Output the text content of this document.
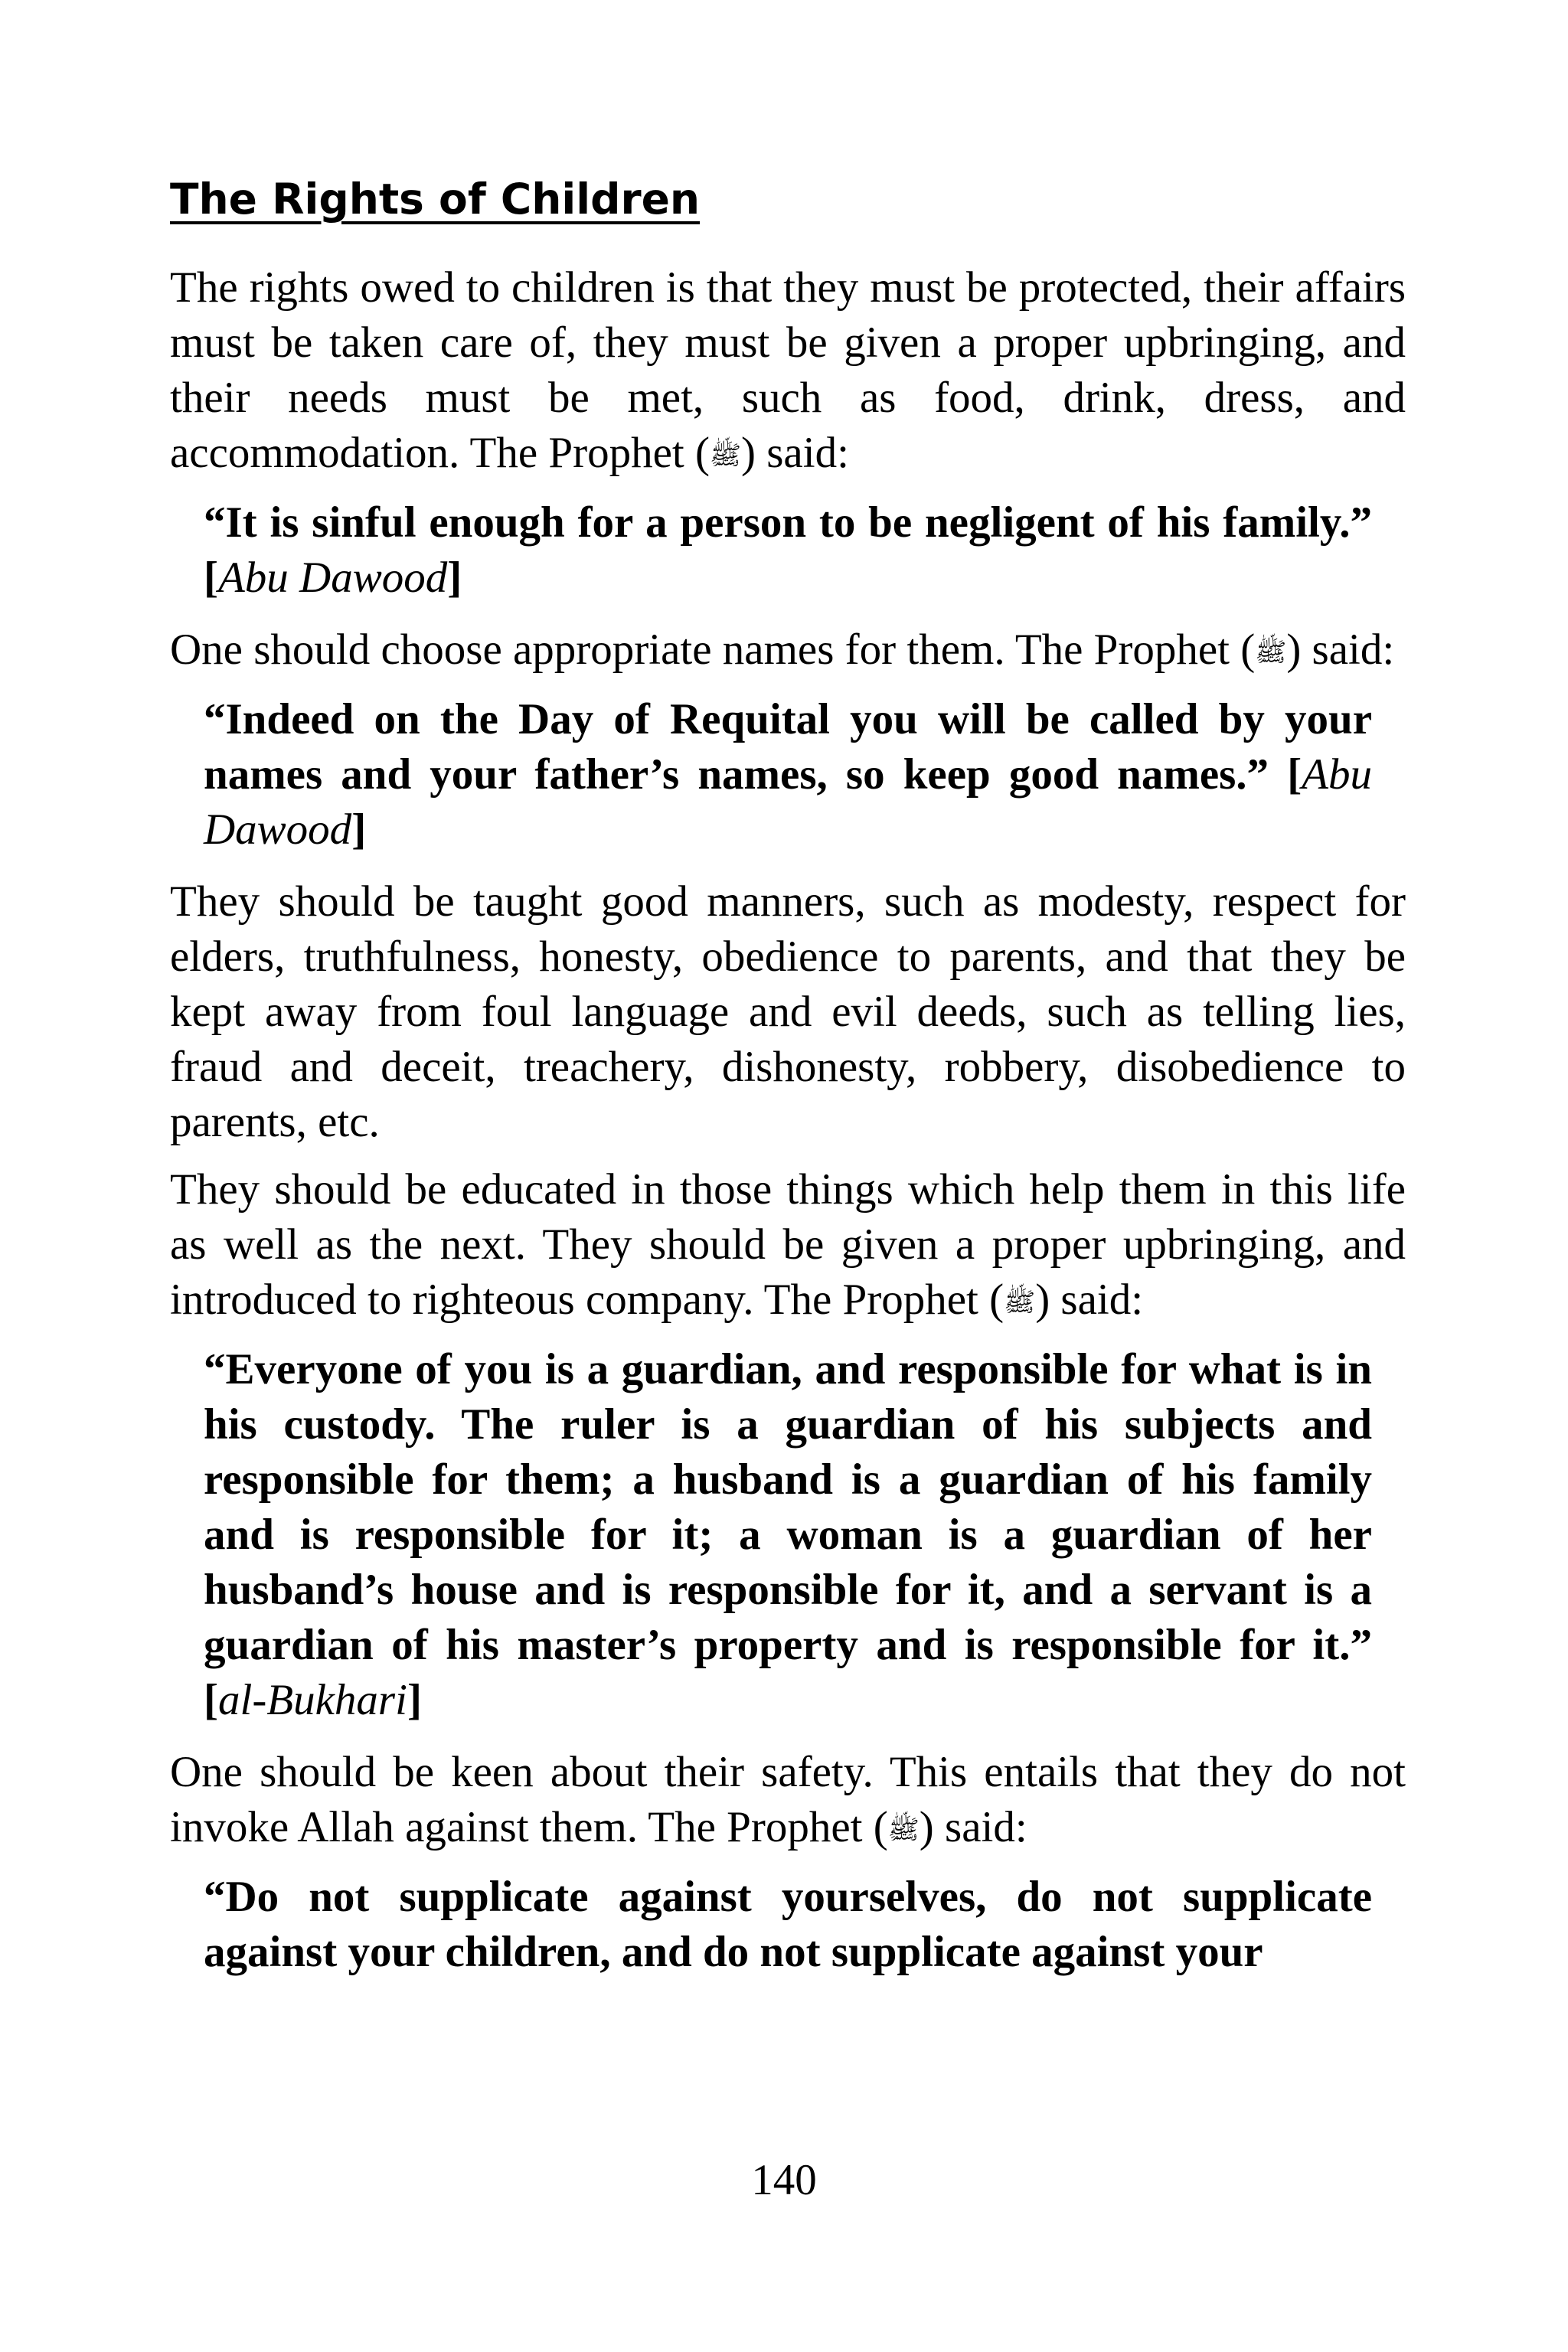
The Rights of Children

The rights owed to children is that they must be protected, their affairs must be taken care of, they must be given a proper upbringing, and their needs must be met, such as food, drink, dress, and accommodation. The Prophet (ﷺ) said:

“It is sinful enough for a person to be negligent of his family.” [Abu Dawood]

One should choose appropriate names for them. The Prophet (ﷺ) said:

“Indeed on the Day of Requital you will be called by your names and your father’s names, so keep good names.” [Abu Dawood]

They should be taught good manners, such as modesty, respect for elders, truthfulness, honesty, obedience to parents, and that they be kept away from foul language and evil deeds, such as telling lies, fraud and deceit, treachery, dishonesty, robbery, disobedience to parents, etc.

They should be educated in those things which help them in this life as well as the next. They should be given a proper upbringing, and introduced to righteous company. The Prophet (ﷺ) said:

“Everyone of you is a guardian, and responsible for what is in his custody. The ruler is a guardian of his subjects and responsible for them; a husband is a guardian of his family and is responsible for it; a woman is a guardian of her husband’s house and is responsible for it, and a servant is a guardian of his master’s property and is responsible for it.” [al-Bukhari]

One should be keen about their safety. This entails that they do not invoke Allah against them. The Prophet (ﷺ) said:

“Do not supplicate against yourselves, do not supplicate against your children, and do not supplicate against your

140
